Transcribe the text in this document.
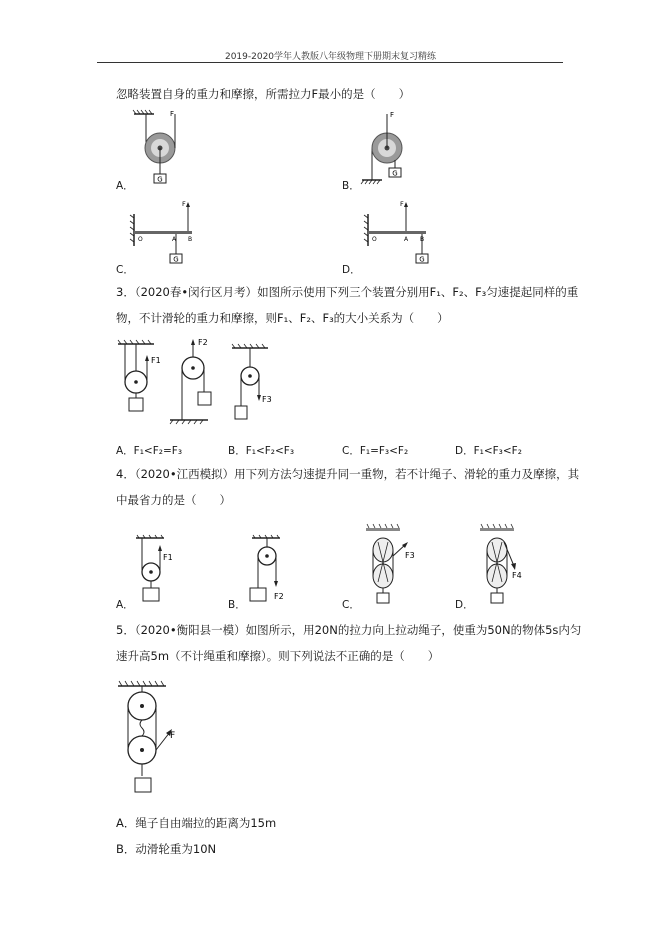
2019-2020学年人教版八年级物理下册期末复习精练
忽略装置自身的重力和摩擦，所需拉力F最小的是（　　）
A．	B．
C．	D．
G
F	F
G
F
G
O	A B
F
G
O	A B
3．（2020春•闵行区月考）如图所示使用下列三个装置分别用F₁、F₂、F₃匀速提起同样的重
物，不计滑轮的重力和摩擦，则F₁、F₂、F₃的大小关系为（　　）
F1
F2
F3
A．F₁<F₂=F₃	B．F₁<F₂<F₃	C．F₁=F₃<F₂	D．F₁<F₃<F₂
4．（2020•江西模拟）用下列方法匀速提升同一重物，若不计绳子、滑轮的重力及摩擦，其
中最省力的是（　　）
A．	B．	C．	D．
F1
F2
F3
F4
5．（2020•衡阳县一模）如图所示，用20N的拉力向上拉动绳子，使重为50N的物体5s内匀
速升高5m（不计绳重和摩擦）。则下列说法不正确的是（　　）
F
A．绳子自由端拉的距离为15m
B．动滑轮重为10N
